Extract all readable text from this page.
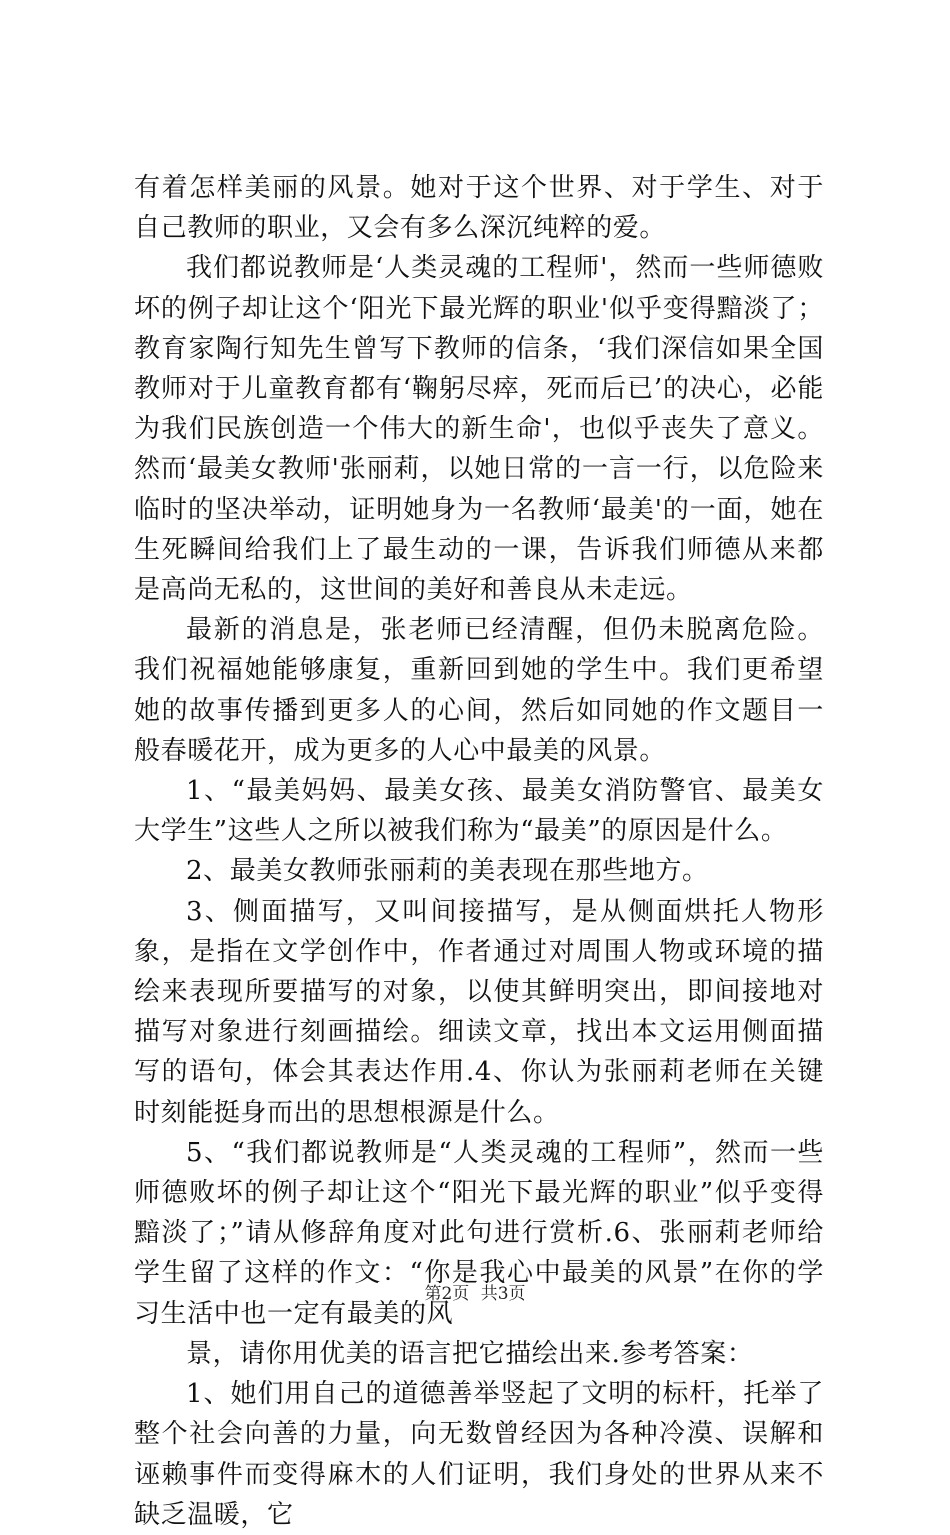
有着怎样美丽的风景。她对于这个世界、对于学生、对于自己教师的职业，又会有多么深沉纯粹的爱。

我们都说教师是‘人类灵魂的工程师'，然而一些师德败坏的例子却让这个‘阳光下最光辉的职业'似乎变得黯淡了；教育家陶行知先生曾写下教师的信条，‘我们深信如果全国教师对于儿童教育都有‘鞠躬尽瘁，死而后已’的决心，必能为我们民族创造一个伟大的新生命'，也似乎丧失了意义。然而‘最美女教师'张丽莉，以她日常的一言一行，以危险来临时的坚决举动，证明她身为一名教师‘最美'的一面，她在生死瞬间给我们上了最生动的一课，告诉我们师德从来都是高尚无私的，这世间的美好和善良从未走远。

最新的消息是，张老师已经清醒，但仍未脱离危险。我们祝福她能够康复，重新回到她的学生中。我们更希望她的故事传播到更多人的心间，然后如同她的作文题目一般春暖花开，成为更多的人心中最美的风景。

1、“最美妈妈、最美女孩、最美女消防警官、最美女大学生”这些人之所以被我们称为“最美”的原因是什么。

2、最美女教师张丽莉的美表现在那些地方。

3、侧面描写，又叫间接描写，是从侧面烘托人物形象，是指在文学创作中，作者通过对周围人物或环境的描绘来表现所要描写的对象，以使其鲜明突出，即间接地对描写对象进行刻画描绘。细读文章，找出本文运用侧面描写的语句，体会其表达作用.4、你认为张丽莉老师在关键时刻能挺身而出的思想根源是什么。

5、“我们都说教师是“人类灵魂的工程师”，然而一些师德败坏的例子却让这个“阳光下最光辉的职业”似乎变得黯淡了；”请从修辞角度对此句进行赏析.6、张丽莉老师给学生留了这样的作文：“你是我心中最美的风景”在你的学习生活中也一定有最美的风

景，请你用优美的语言把它描绘出来.参考答案：

1、她们用自己的道德善举竖起了文明的标杆，托举了整个社会向善的力量，向无数曾经因为各种冷漠、误解和诬赖事件而变得麻木的人们证明，我们身处的世界从来不缺乏温暖，它

第2页 共3页
